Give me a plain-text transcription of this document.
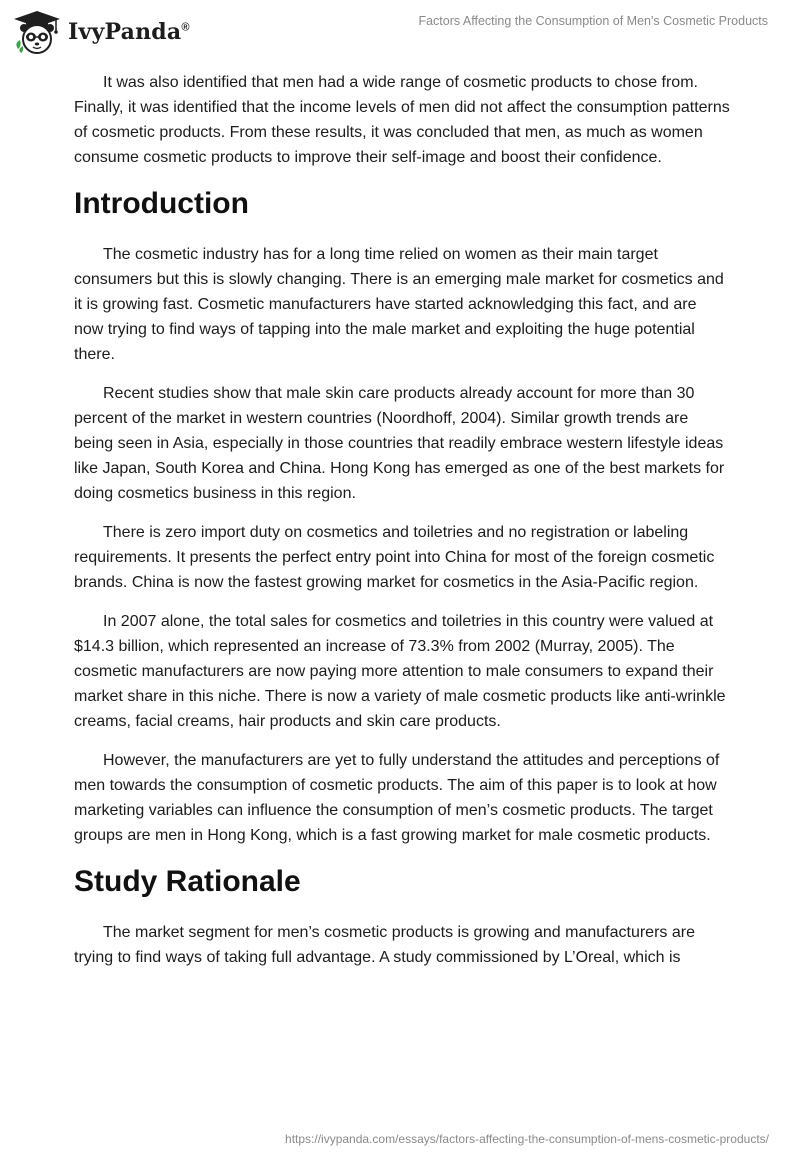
IvyPanda®	Factors Affecting the Consumption of Men's Cosmetic Products

It was also identified that men had a wide range of cosmetic products to chose from. Finally, it was identified that the income levels of men did not affect the consumption patterns of cosmetic products. From these results, it was concluded that men, as much as women consume cosmetic products to improve their self-image and boost their confidence.

Introduction

The cosmetic industry has for a long time relied on women as their main target consumers but this is slowly changing. There is an emerging male market for cosmetics and it is growing fast. Cosmetic manufacturers have started acknowledging this fact, and are now trying to find ways of tapping into the male market and exploiting the huge potential there.

Recent studies show that male skin care products already account for more than 30 percent of the market in western countries (Noordhoff, 2004). Similar growth trends are being seen in Asia, especially in those countries that readily embrace western lifestyle ideas like Japan, South Korea and China. Hong Kong has emerged as one of the best markets for doing cosmetics business in this region.

There is zero import duty on cosmetics and toiletries and no registration or labeling requirements. It presents the perfect entry point into China for most of the foreign cosmetic brands. China is now the fastest growing market for cosmetics in the Asia-Pacific region.

In 2007 alone, the total sales for cosmetics and toiletries in this country were valued at $14.3 billion, which represented an increase of 73.3% from 2002 (Murray, 2005). The cosmetic manufacturers are now paying more attention to male consumers to expand their market share in this niche. There is now a variety of male cosmetic products like anti-wrinkle creams, facial creams, hair products and skin care products.

However, the manufacturers are yet to fully understand the attitudes and perceptions of men towards the consumption of cosmetic products. The aim of this paper is to look at how marketing variables can influence the consumption of men’s cosmetic products. The target groups are men in Hong Kong, which is a fast growing market for male cosmetic products.

Study Rationale

The market segment for men’s cosmetic products is growing and manufacturers are trying to find ways of taking full advantage. A study commissioned by L’Oreal, which is

https://ivypanda.com/essays/factors-affecting-the-consumption-of-mens-cosmetic-products/
